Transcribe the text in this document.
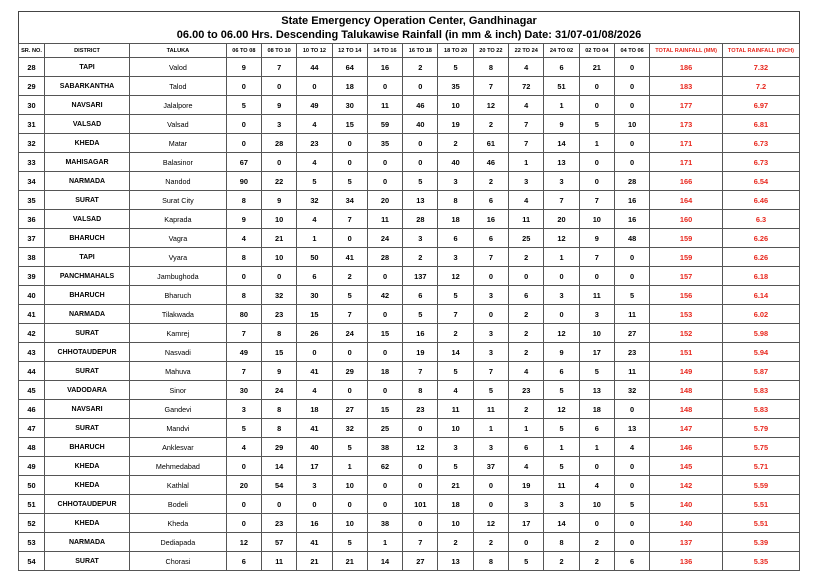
State Emergency Operation Center, Gandhinagar
06.00 to 06.00 Hrs. Descending Talukawise Rainfall (in mm & inch) Date: 31/07-01/08/2026
SR. NO.	DISTRICT	TALUKA	06 TO 08	08 TO 10	10 TO 12	12 TO 14	14 TO 16	16 TO 18	18 TO 20	20 TO 22	22 TO 24	24 TO 02	02 TO 04	04 TO 06	TOTAL RAINFALL (MM)	TOTAL RAINFALL (INCH)
28	TAPI	Valod	9	7	44	64	16	2	5	8	4	6	21	0	186	7.32
29	SABARKANTHA	Talod	0	0	0	18	0	0	35	7	72	51	0	0	183	7.2
30	NAVSARI	Jalalpore	5	9	49	30	11	46	10	12	4	1	0	0	177	6.97
31	VALSAD	Valsad	0	3	4	15	59	40	19	2	7	9	5	10	173	6.81
32	KHEDA	Matar	0	28	23	0	35	0	2	61	7	14	1	0	171	6.73
33	MAHISAGAR	Balasinor	67	0	4	0	0	0	40	46	1	13	0	0	171	6.73
34	NARMADA	Nandod	90	22	5	5	0	5	3	2	3	3	0	28	166	6.54
35	SURAT	Surat City	8	9	32	34	20	13	8	6	4	7	7	16	164	6.46
36	VALSAD	Kaprada	9	10	4	7	11	28	18	16	11	20	10	16	160	6.3
37	BHARUCH	Vagra	4	21	1	0	24	3	6	6	25	12	9	48	159	6.26
38	TAPI	Vyara	8	10	50	41	28	2	3	7	2	1	7	0	159	6.26
39	PANCHMAHALS	Jambughoda	0	0	6	2	0	137	12	0	0	0	0	0	157	6.18
40	BHARUCH	Bharuch	8	32	30	5	42	6	5	3	6	3	11	5	156	6.14
41	NARMADA	Tilakwada	80	23	15	7	0	5	7	0	2	0	3	11	153	6.02
42	SURAT	Kamrej	7	8	26	24	15	16	2	3	2	12	10	27	152	5.98
43	CHHOTAUDEPUR	Nasvadi	49	15	0	0	0	19	14	3	2	9	17	23	151	5.94
44	SURAT	Mahuva	7	9	41	29	18	7	5	7	4	6	5	11	149	5.87
45	VADODARA	Sinor	30	24	4	0	0	8	4	5	23	5	13	32	148	5.83
46	NAVSARI	Gandevi	3	8	18	27	15	23	11	11	2	12	18	0	148	5.83
47	SURAT	Mandvi	5	8	41	32	25	0	10	1	1	5	6	13	147	5.79
48	BHARUCH	Anklesvar	4	29	40	5	38	12	3	3	6	1	1	4	146	5.75
49	KHEDA	Mehmedabad	0	14	17	1	62	0	5	37	4	5	0	0	145	5.71
50	KHEDA	Kathlal	20	54	3	10	0	0	21	0	19	11	4	0	142	5.59
51	CHHOTAUDEPUR	Bodeli	0	0	0	0	0	101	18	0	3	3	10	5	140	5.51
52	KHEDA	Kheda	0	23	16	10	38	0	10	12	17	14	0	0	140	5.51
53	NARMADA	Dediapada	12	57	41	5	1	7	2	2	0	8	2	0	137	5.39
54	SURAT	Chorasi	6	11	21	21	14	27	13	8	5	2	2	6	136	5.35
